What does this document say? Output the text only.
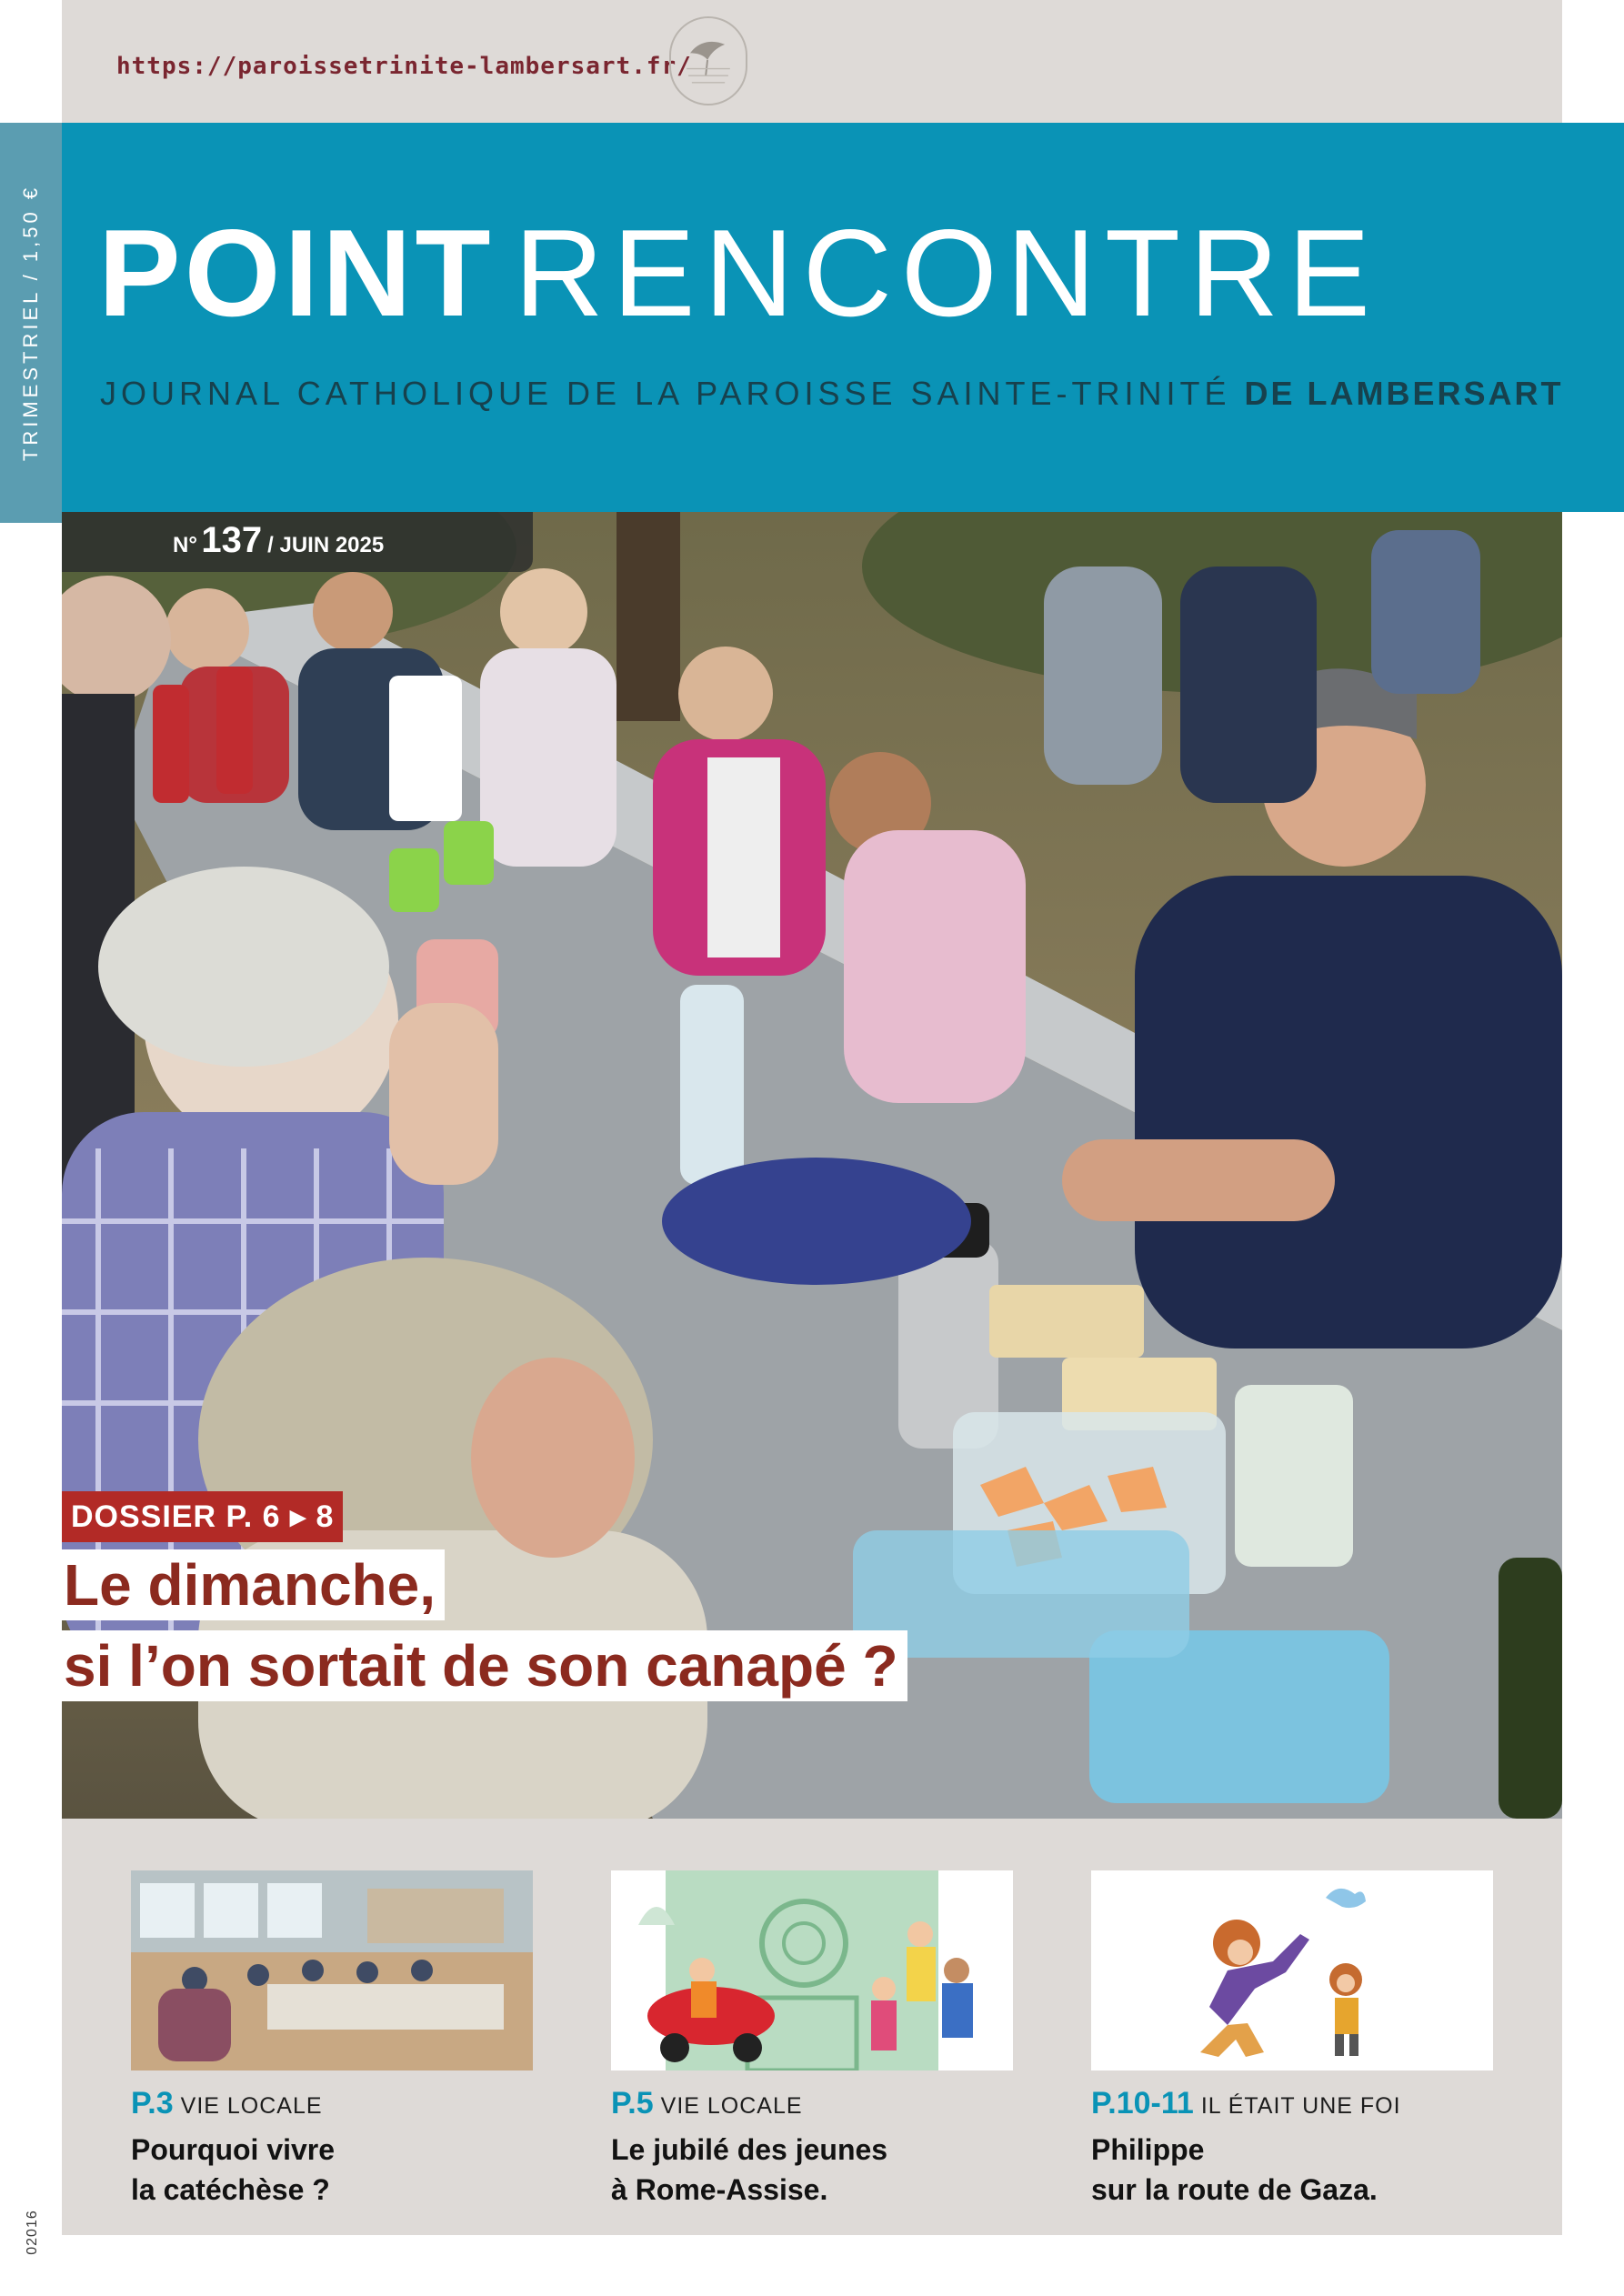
https://paroissetrinite-lambersart.fr/
TRIMESTRIEL / 1,50 € POINT RENCONTRE
JOURNAL CATHOLIQUE DE LA PAROISSE SAINTE-TRINITÉ DE LAMBERSART
N° 137 / JUIN 2025
DOSSIER P. 6 ▸ 8
Le dimanche,
si l’on sortait de son canapé ?
P.3 VIE LOCALE
Pourquoi vivre
la catéchèse ?
P.5 VIE LOCALE
Le jubilé des jeunes
à Rome-Assise.
P.10-11 IL ÉTAIT UNE FOI
Philippe
sur la route de Gaza.
02016
